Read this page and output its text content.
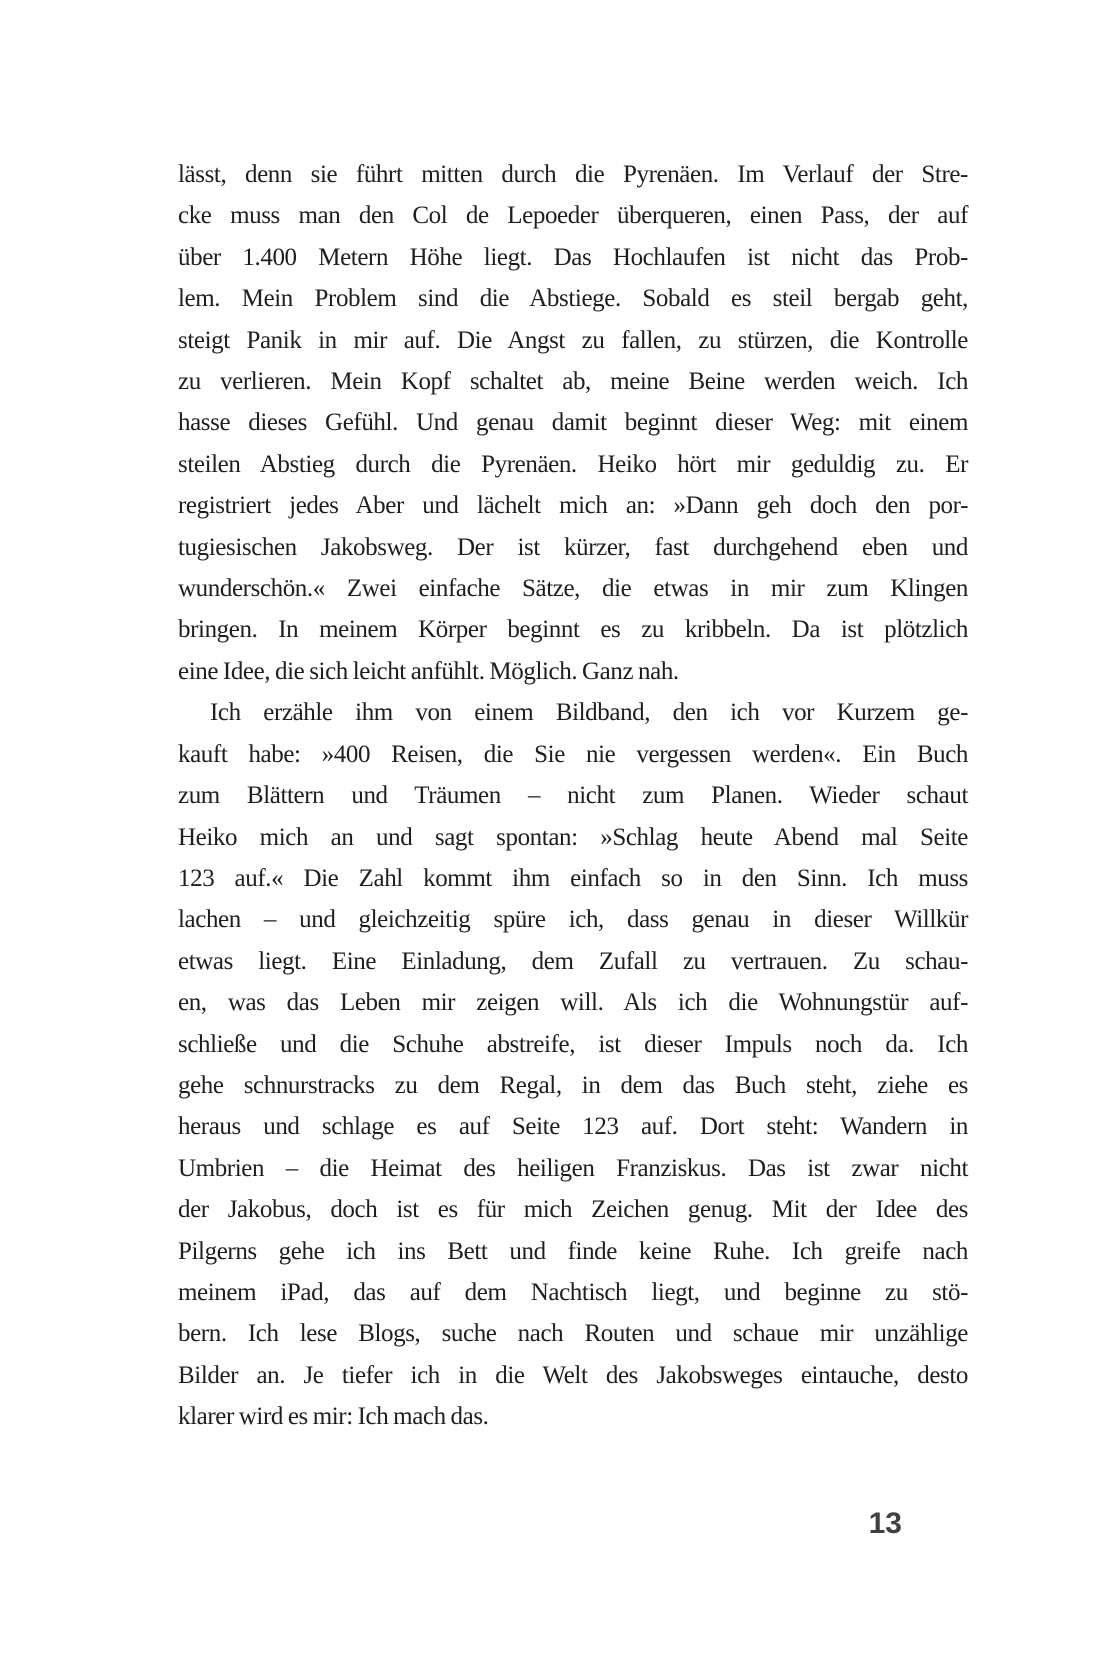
lässt, denn sie führt mitten durch die Pyrenäen. Im Verlauf der Stre-
cke muss man den Col de Lepoeder überqueren, einen Pass, der auf
über 1.400 Metern Höhe liegt. Das Hochlaufen ist nicht das Prob-
lem. Mein Problem sind die Abstiege. Sobald es steil bergab geht,
steigt Panik in mir auf. Die Angst zu fallen, zu stürzen, die Kontrolle
zu verlieren. Mein Kopf schaltet ab, meine Beine werden weich. Ich
hasse dieses Gefühl. Und genau damit beginnt dieser Weg: mit einem
steilen Abstieg durch die Pyrenäen. Heiko hört mir geduldig zu. Er
registriert jedes Aber und lächelt mich an: »Dann geh doch den por-
tugiesischen Jakobsweg. Der ist kürzer, fast durchgehend eben und
wunderschön.« Zwei einfache Sätze, die etwas in mir zum Klingen
bringen. In meinem Körper beginnt es zu kribbeln. Da ist plötzlich
eine Idee, die sich leicht anfühlt. Möglich. Ganz nah.
Ich erzähle ihm von einem Bildband, den ich vor Kurzem ge-
kauft habe: »400 Reisen, die Sie nie vergessen werden«. Ein Buch
zum Blättern und Träumen – nicht zum Planen. Wieder schaut
Heiko mich an und sagt spontan: »Schlag heute Abend mal Seite
123 auf.« Die Zahl kommt ihm einfach so in den Sinn. Ich muss
lachen – und gleichzeitig spüre ich, dass genau in dieser Willkür
etwas liegt. Eine Einladung, dem Zufall zu vertrauen. Zu schau-
en, was das Leben mir zeigen will. Als ich die Wohnungstür auf-
schließe und die Schuhe abstreife, ist dieser Impuls noch da. Ich
gehe schnurstracks zu dem Regal, in dem das Buch steht, ziehe es
heraus und schlage es auf Seite 123 auf. Dort steht: Wandern in
Umbrien – die Heimat des heiligen Franziskus. Das ist zwar nicht
der Jakobus, doch ist es für mich Zeichen genug. Mit der Idee des
Pilgerns gehe ich ins Bett und finde keine Ruhe. Ich greife nach
meinem iPad, das auf dem Nachtisch liegt, und beginne zu stö-
bern. Ich lese Blogs, suche nach Routen und schaue mir unzählige
Bilder an. Je tiefer ich in die Welt des Jakobsweges eintauche, desto
klarer wird es mir: Ich mach das.
13
